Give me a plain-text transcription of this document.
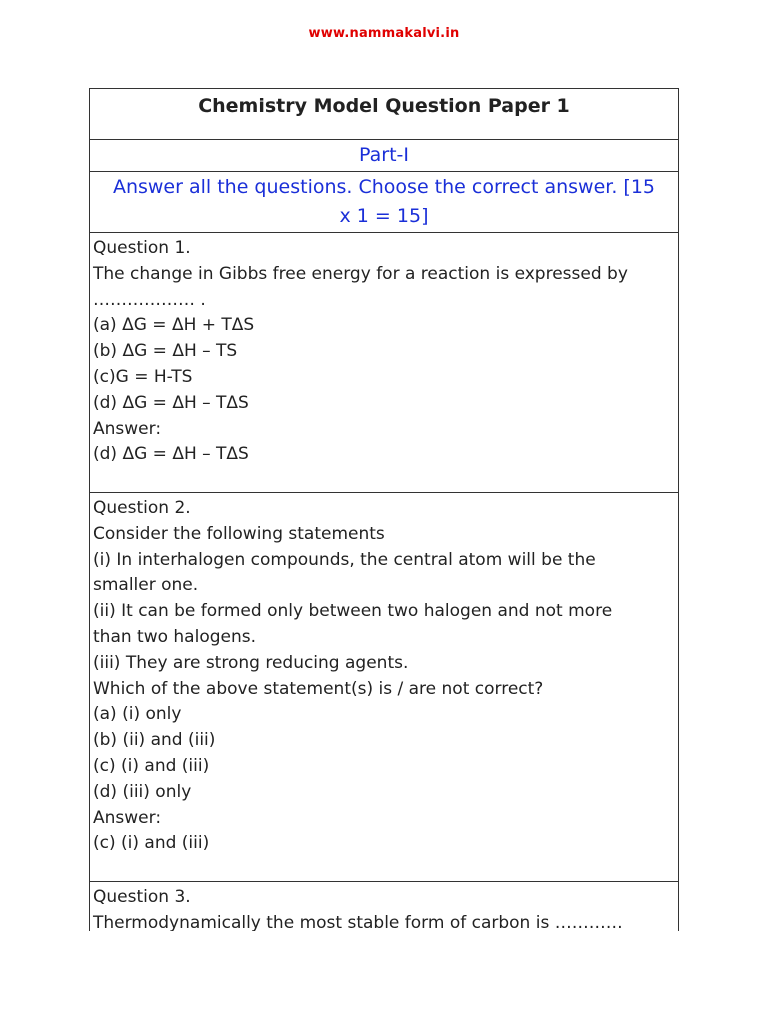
www.nammakalvi.in
Chemistry Model Question Paper 1
Part-I
Answer all the questions. Choose the correct answer. [15
x 1 = 15]
Question 1.
The change in Gibbs free energy for a reaction is expressed by
……………… .
(a) ΔG = ΔH + TΔS
(b) ΔG = ΔH – TS
(c)G = H-TS
(d) ΔG = ΔH – TΔS
Answer:
(d) ΔG = ΔH – TΔS
Question 2.
Consider the following statements
(i) In interhalogen compounds, the central atom will be the
smaller one.
(ii) It can be formed only between two halogen and not more
than two halogens.
(iii) They are strong reducing agents.
Which of the above statement(s) is / are not correct?
(a) (i) only
(b) (ii) and (iii)
(c) (i) and (iii)
(d) (iii) only
Answer:
(c) (i) and (iii)
Question 3.
Thermodynamically the most stable form of carbon is …………
